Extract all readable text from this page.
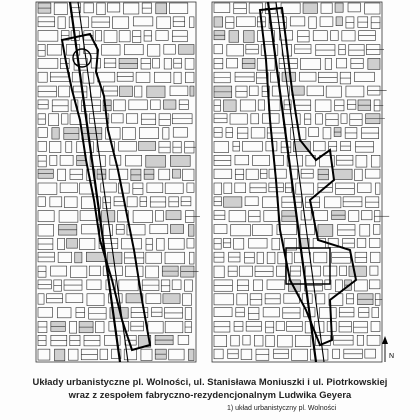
N
Układy urbanistyczne pl. Wolności, ul. Stanisława Moniuszki i ul. Piotrkowskiej
wraz z zespołem fabryczno-rezydencjonalnym Ludwika Geyera
1) układ urbanistyczny pl. Wolności
